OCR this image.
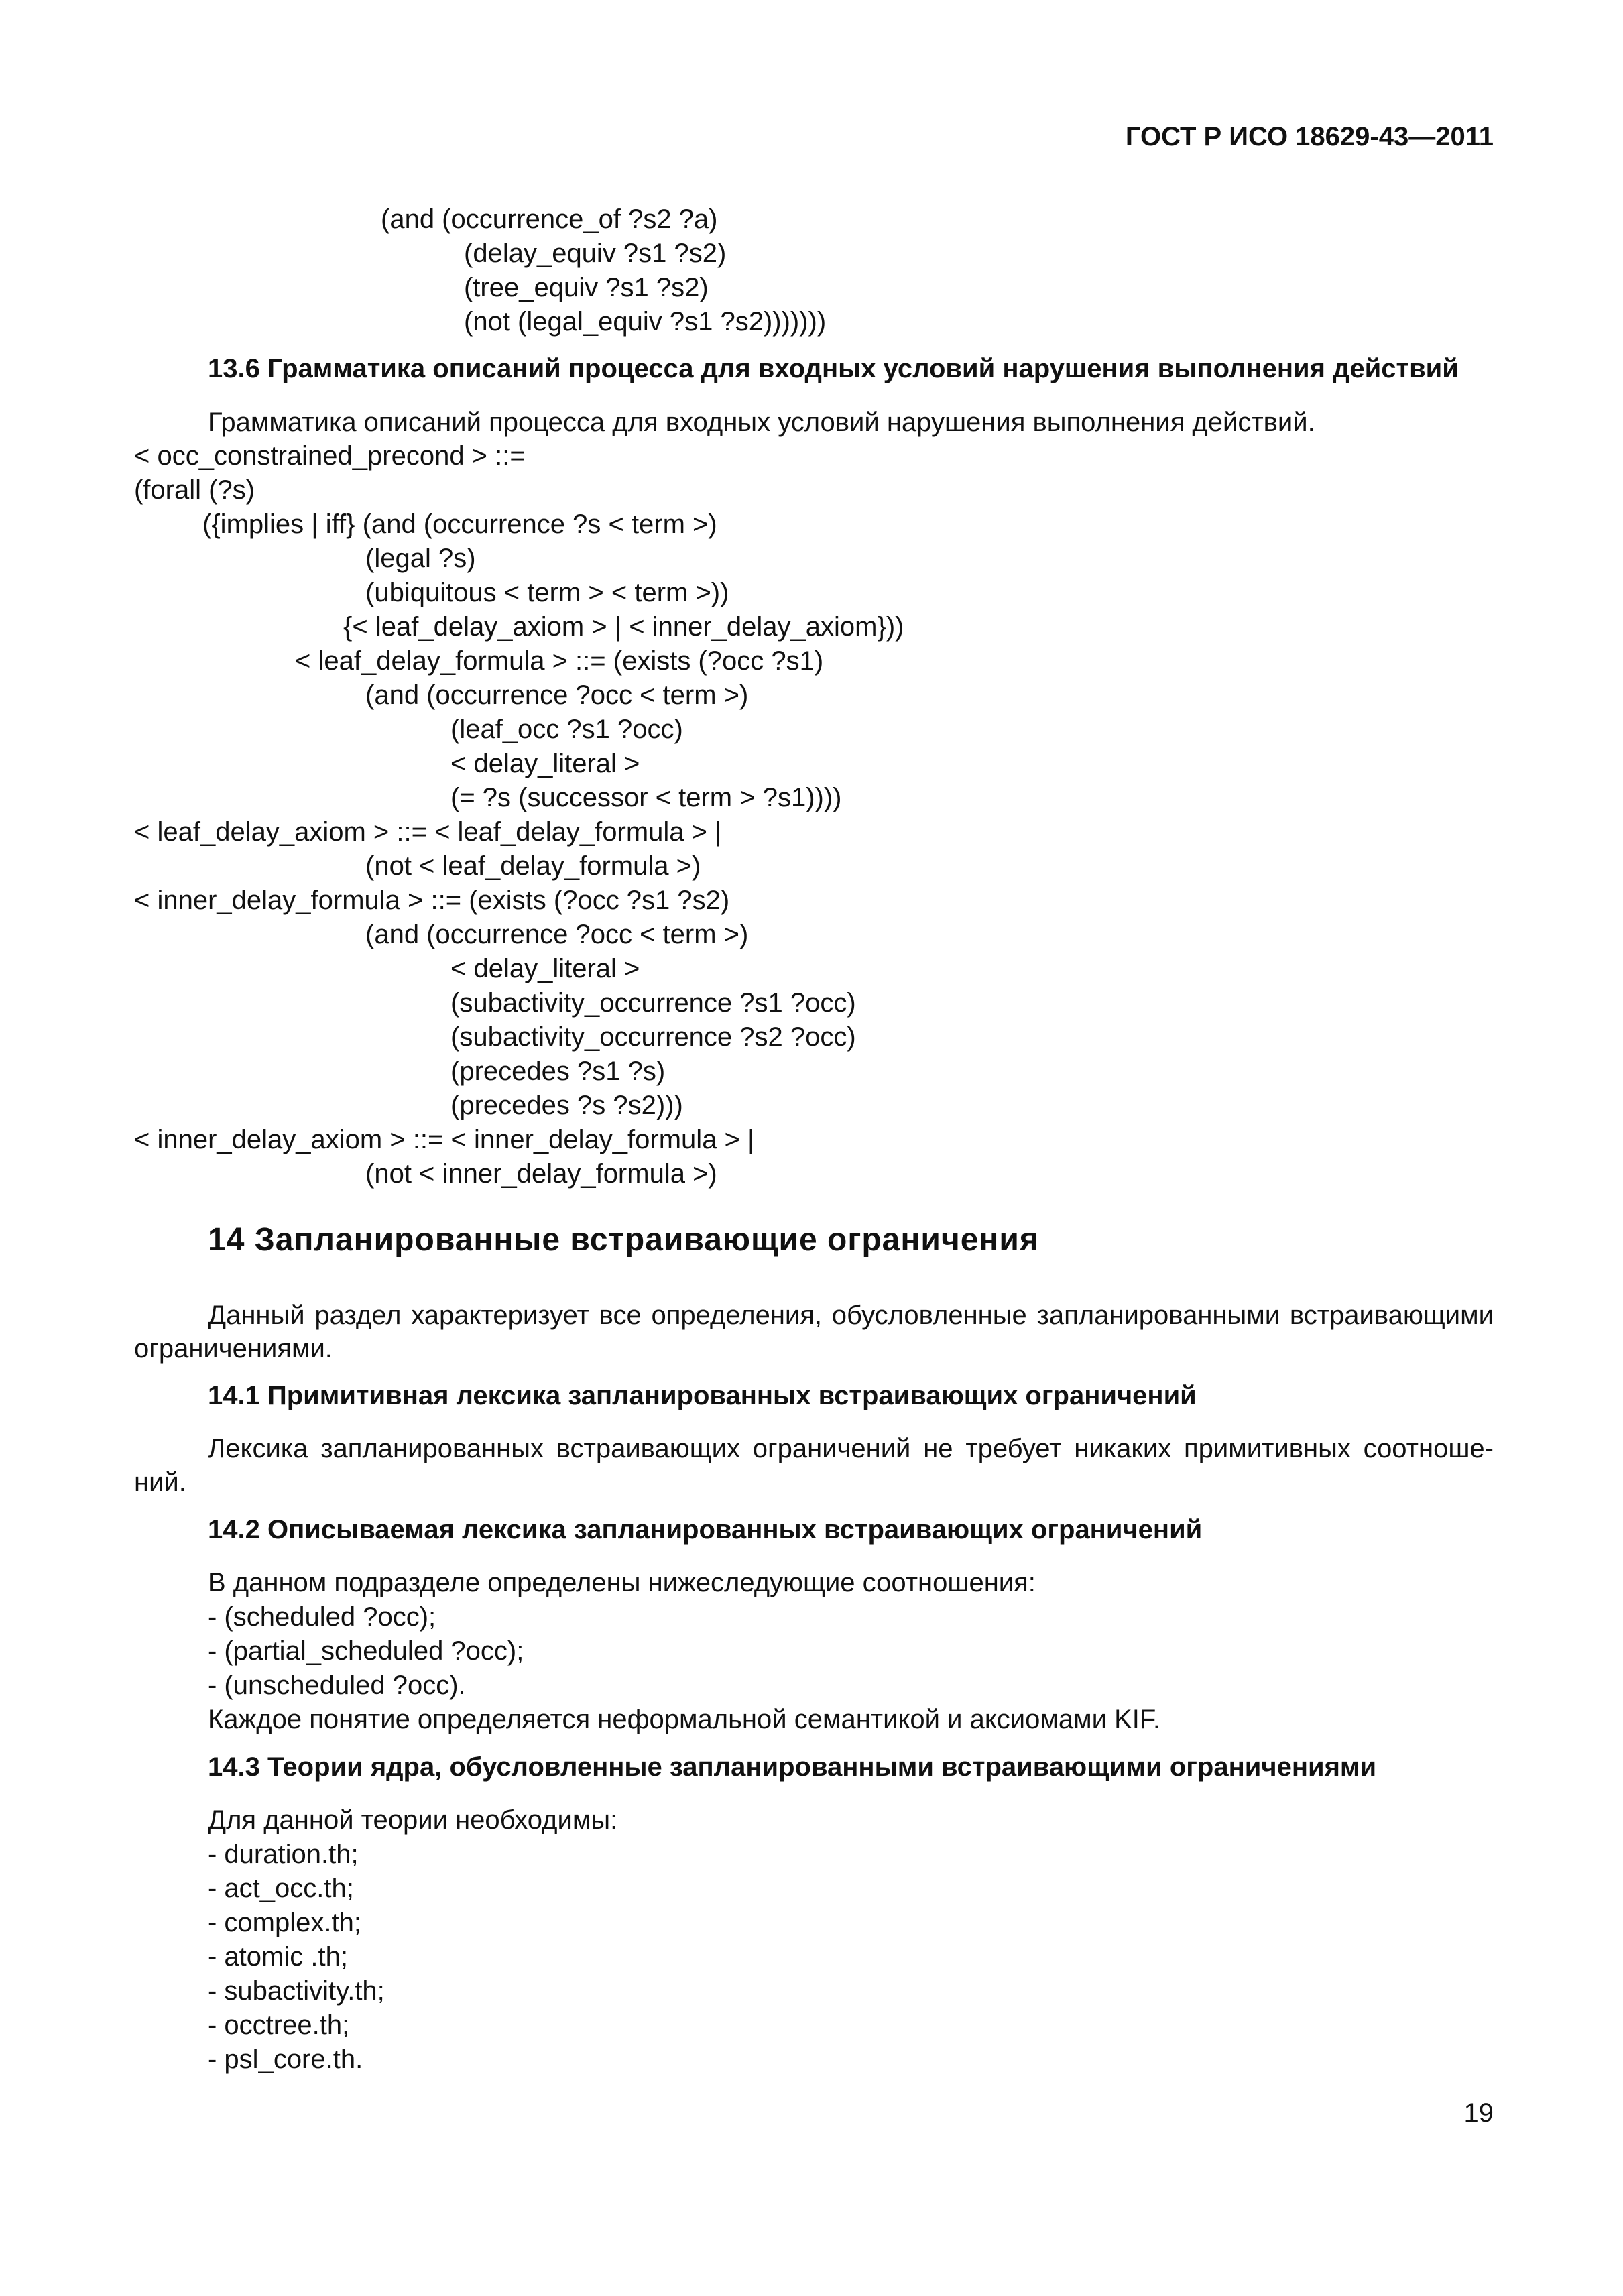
ГОСТ Р ИСО 18629-43—2011
(and (occurrence_of ?s2 ?a)
(delay_equiv ?s1 ?s2)
(tree_equiv ?s1 ?s2)
(not (legal_equiv ?s1 ?s2)))))))
13.6 Грамматика описаний процесса для входных условий нарушения выполнения действий
Грамматика описаний процесса для входных условий нарушения выполнения действий.
< occ_constrained_precond > ::=
(forall (?s)
({implies | iff} (and (occurrence ?s < term >)
(legal ?s)
(ubiquitous < term > < term >))
{< leaf_delay_axiom > | < inner_delay_axiom}))
< leaf_delay_formula > ::= (exists (?occ ?s1)
(and (occurrence ?occ < term >)
(leaf_occ ?s1 ?occ)
< delay_literal >
(= ?s (successor < term > ?s1))))
< leaf_delay_axiom > ::= < leaf_delay_formula > |
(not < leaf_delay_formula >)
< inner_delay_formula > ::= (exists (?occ ?s1 ?s2)
(and (occurrence ?occ < term >)
< delay_literal >
(subactivity_occurrence ?s1 ?occ)
(subactivity_occurrence ?s2 ?occ)
(precedes ?s1 ?s)
(precedes ?s ?s2)))
< inner_delay_axiom > ::= < inner_delay_formula > |
(not < inner_delay_formula >)
14 Запланированные встраивающие ограничения
Данный раздел характеризует все определения, обусловленные запланированными встраивающими ограничениями.
14.1 Примитивная лексика запланированных встраивающих ограничений
Лексика запланированных встраивающих ограничений не требует никаких примитивных соотноше-ний.
14.2 Описываемая лексика запланированных встраивающих ограничений
В данном подразделе определены нижеследующие соотношения:
- (scheduled ?occ);
- (partial_scheduled ?occ);
- (unscheduled ?occ).
Каждое понятие определяется неформальной семантикой и аксиомами KIF.
14.3 Теории ядра, обусловленные запланированными встраивающими ограничениями
Для данной теории необходимы:
- duration.th;
- act_occ.th;
- complex.th;
- atomic .th;
- subactivity.th;
- occtree.th;
- psl_core.th.
19
